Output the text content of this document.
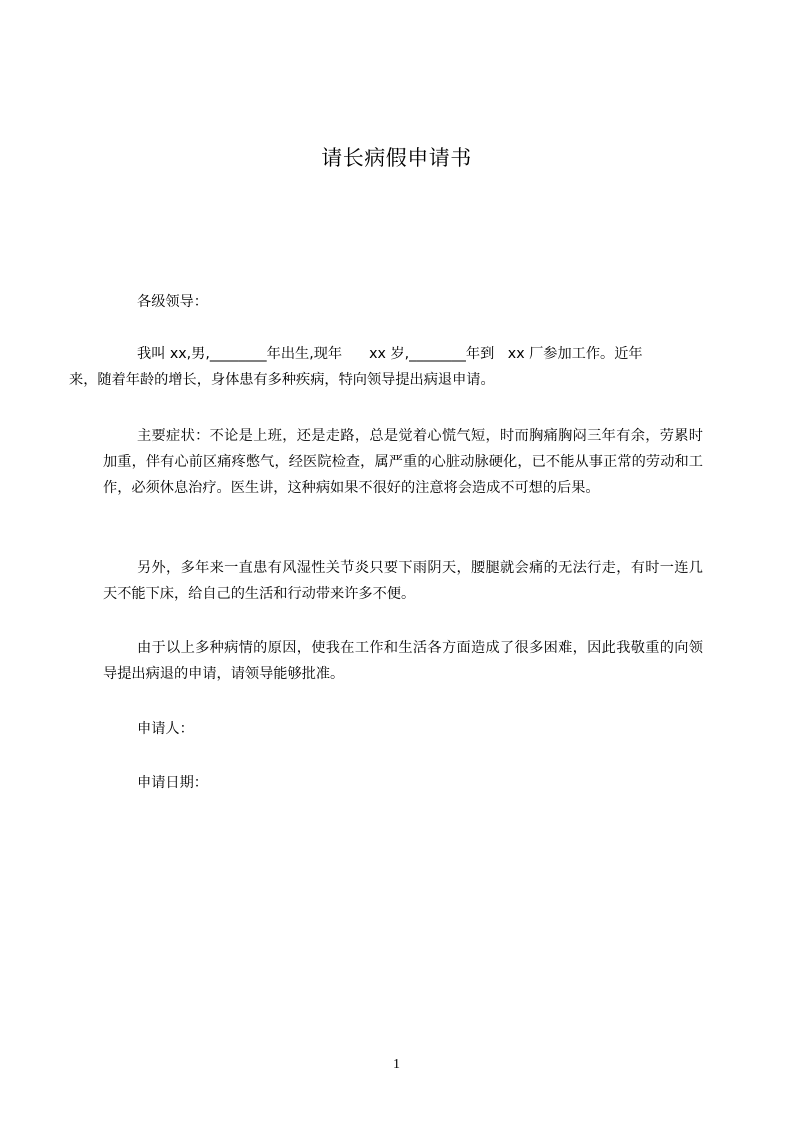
请长病假申请书
各级领导：
我叫 xx,男,________年出生,现年      xx 岁,________年到   xx 厂参加工作。近年
来，随着年龄的增长，身体患有多种疾病，特向领导提出病退申请。
主要症状：不论是上班，还是走路，总是觉着心慌气短，时而胸痛胸闷三年有余，劳累时加重，伴有心前区痛疼憋气，经医院检查，属严重的心脏动脉硬化，已不能从事正常的劳动和工作，必须休息治疗。医生讲，这种病如果不很好的注意将会造成不可想的后果。
另外，多年来一直患有风湿性关节炎只要下雨阴天，腰腿就会痛的无法行走，有时一连几天不能下床，给自己的生活和行动带来许多不便。
由于以上多种病情的原因，使我在工作和生活各方面造成了很多困难，因此我敬重的向领导提出病退的申请，请领导能够批准。
申请人：
申请日期：
1
